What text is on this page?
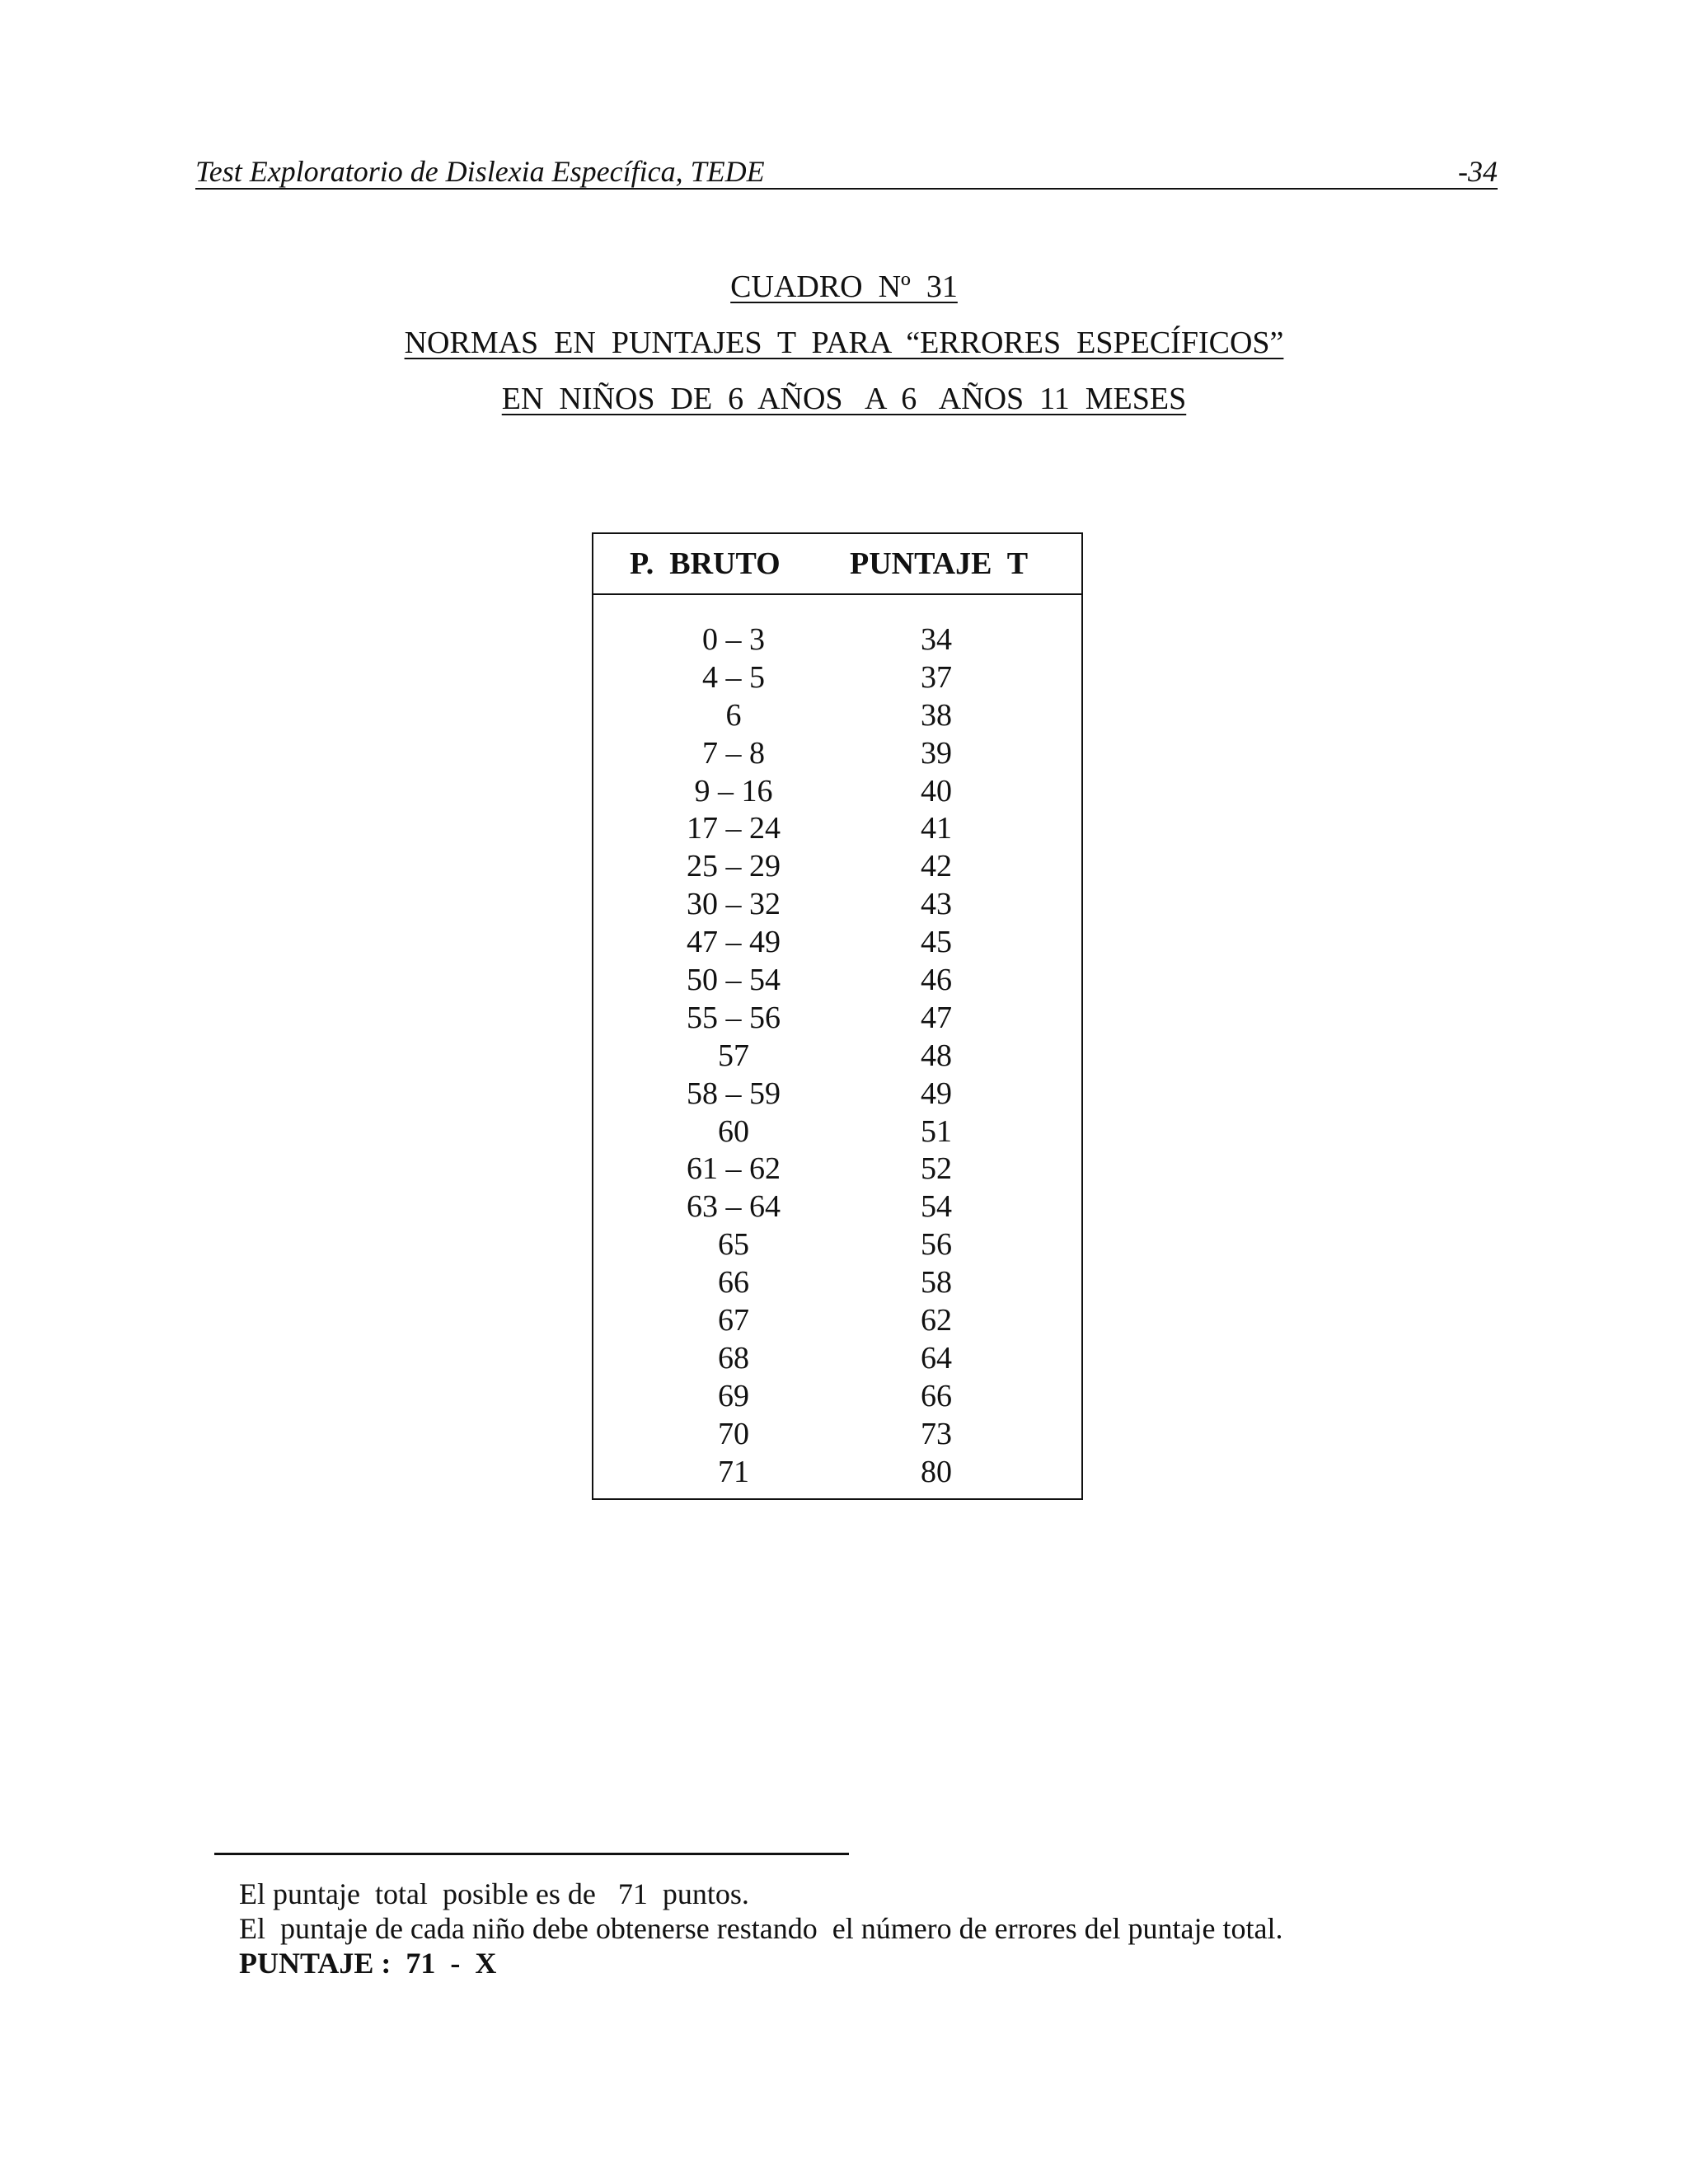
Test Exploratorio de Dislexia Específica, TEDE	-34
CUADRO  Nº  31
NORMAS  EN  PUNTAJES  T  PARA  “ERRORES  ESPECÍFICOS”
EN  NIÑOS  DE  6  AÑOS   A  6   AÑOS  11  MESES
P.  BRUTO PUNTAJE  T
0 – 3	34
4 – 5	37
6	38
7 – 8	39
9 – 16	40
17 – 24	41
25 – 29	42
30 – 32	43
47 – 49	45
50 – 54	46
55 – 56	47
57	48
58 – 59	49
60	51
61 – 62	52
63 – 64	54
65	56
66	58
67	62
68	64
69	66
70	73
71	80
El puntaje  total  posible es de   71  puntos.
El  puntaje de cada niño debe obtenerse restando  el número de errores del puntaje total.
PUNTAJE :  71  -  X
